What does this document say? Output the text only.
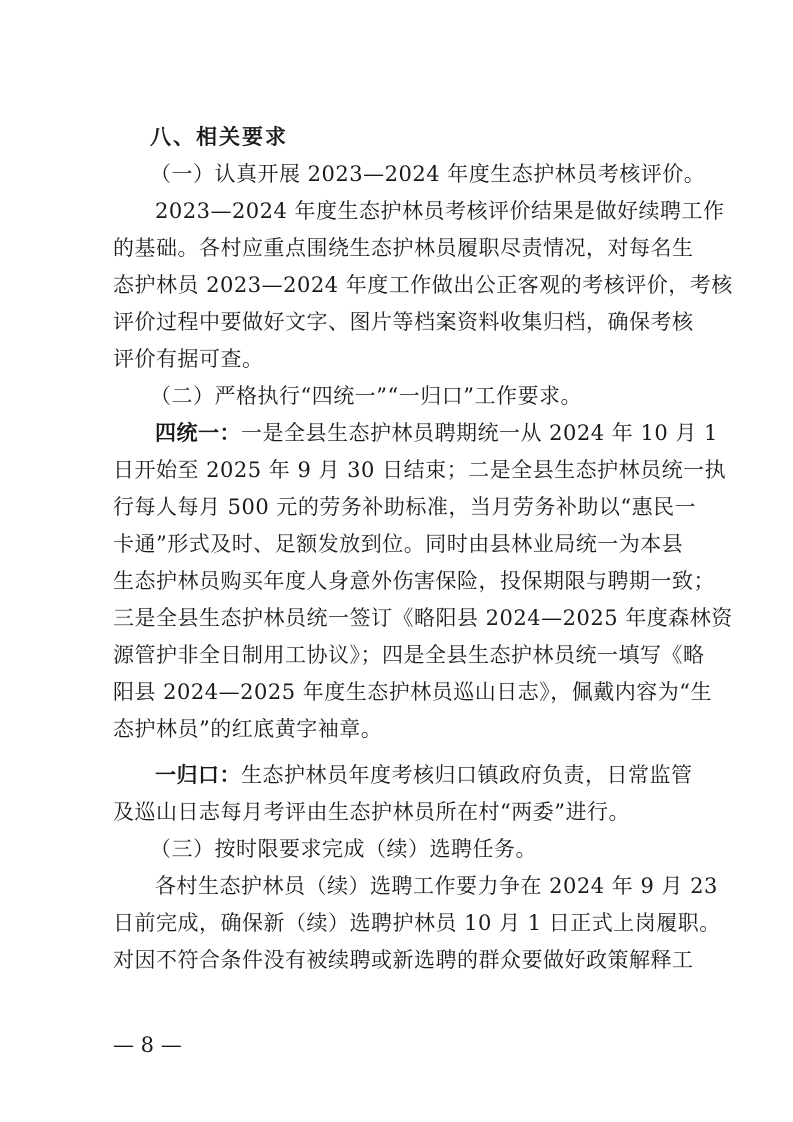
八、相关要求
（一）认真开展 2023—2024 年度生态护林员考核评价。
2023—2024 年度生态护林员考核评价结果是做好续聘工作
的基础。各村应重点围绕生态护林员履职尽责情况，对每名生
态护林员 2023—2024 年度工作做出公正客观的考核评价，考核
评价过程中要做好文字、图片等档案资料收集归档，确保考核
评价有据可查。
（二）严格执行“四统一”“一归口”工作要求。
四统一：一是全县生态护林员聘期统一从 2024 年 10 月 1
日开始至 2025 年 9 月 30 日结束；二是全县生态护林员统一执
行每人每月 500 元的劳务补助标准，当月劳务补助以“惠民一
卡通”形式及时、足额发放到位。同时由县林业局统一为本县
生态护林员购买年度人身意外伤害保险，投保期限与聘期一致；
三是全县生态护林员统一签订《略阳县 2024—2025 年度森林资
源管护非全日制用工协议》；四是全县生态护林员统一填写《略
阳县 2024—2025 年度生态护林员巡山日志》，佩戴内容为“生
态护林员”的红底黄字袖章。
一归口：生态护林员年度考核归口镇政府负责，日常监管
及巡山日志每月考评由生态护林员所在村“两委”进行。
（三）按时限要求完成（续）选聘任务。
各村生态护林员（续）选聘工作要力争在 2024 年 9 月 23
日前完成，确保新（续）选聘护林员 10 月 1 日正式上岗履职。
对因不符合条件没有被续聘或新选聘的群众要做好政策解释工
— 8 —
